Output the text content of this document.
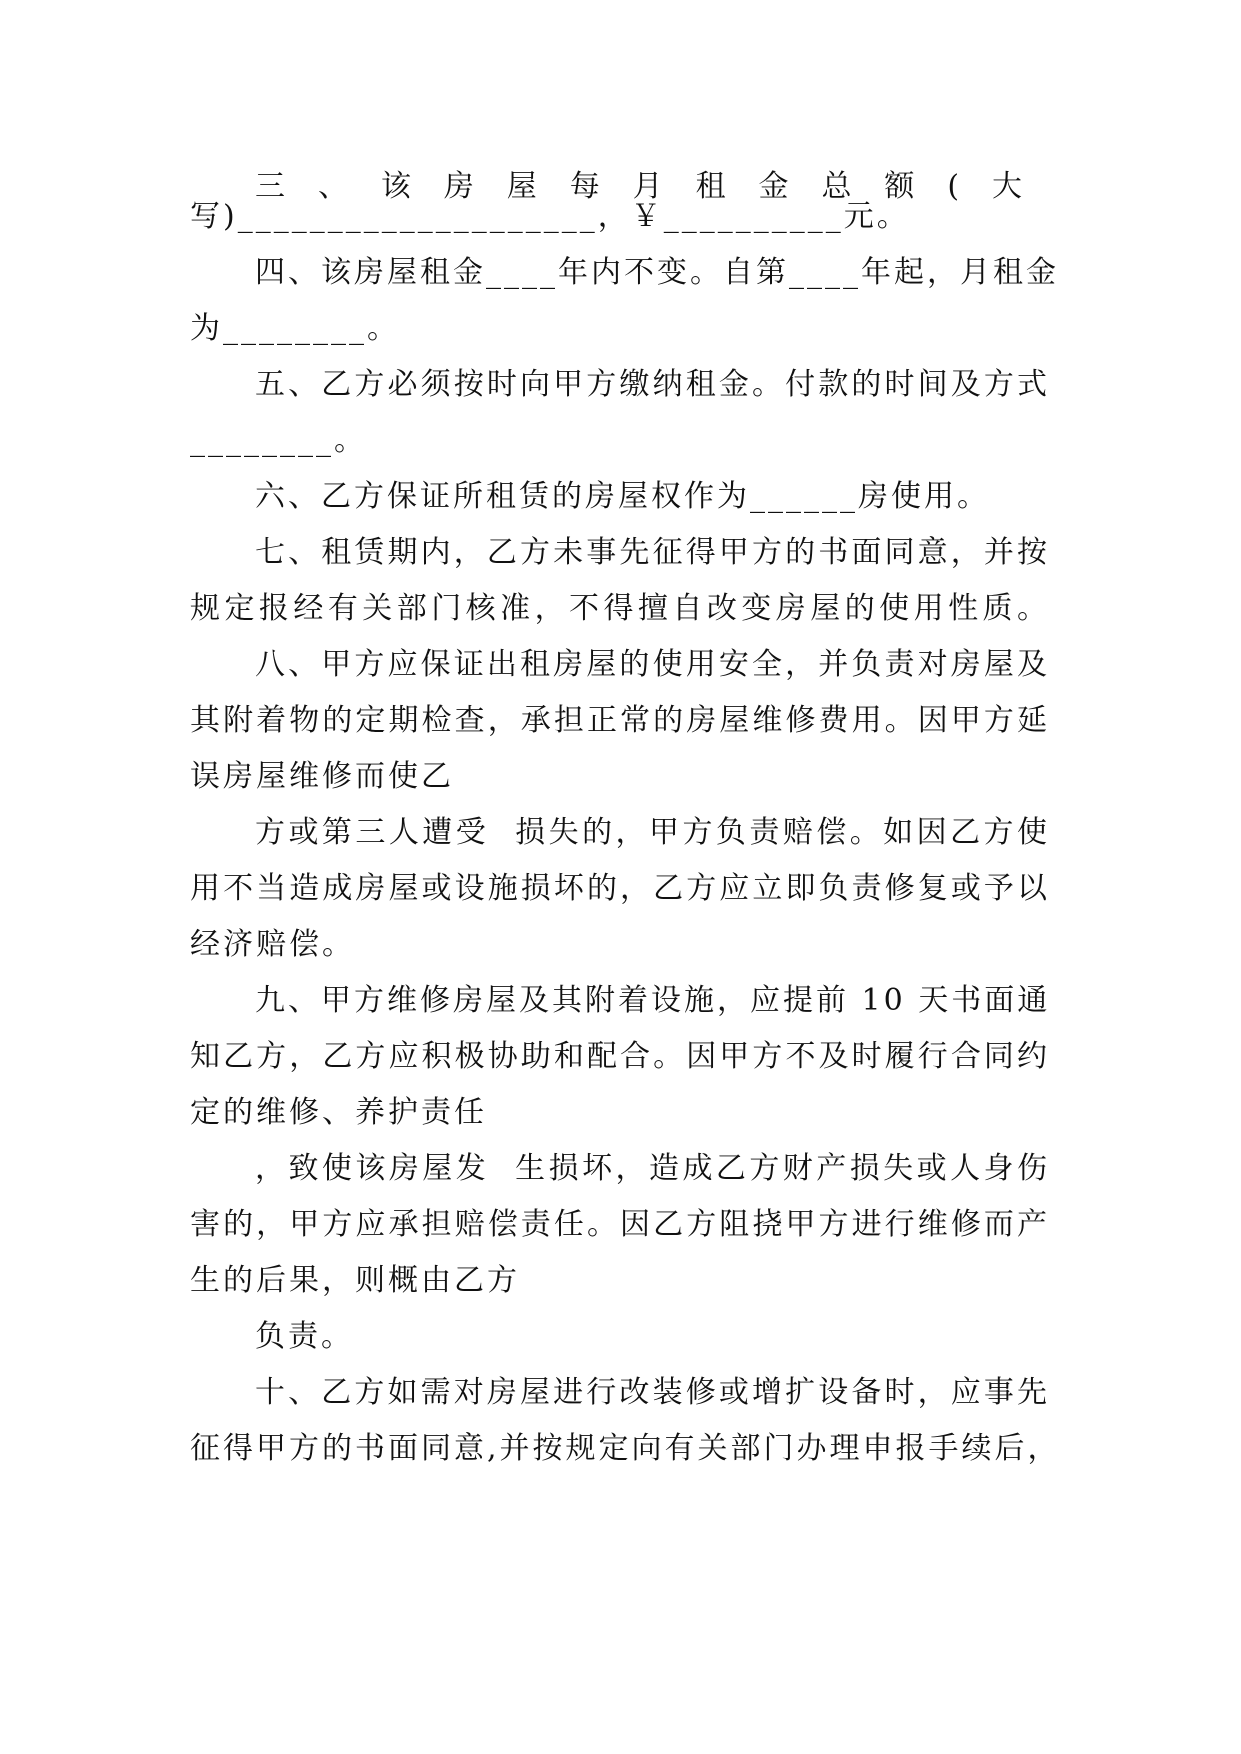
三、该房屋每月租金总额(大
写)____________________，￥__________元。
四、该房屋租金____年内不变。自第____年起，月租金
为________。
五、乙方必须按时向甲方缴纳租金。付款的时间及方式
________。
六、乙方保证所租赁的房屋权作为______房使用。
七、租赁期内，乙方未事先征得甲方的书面同意，并按
规定报经有关部门核准，不得擅自改变房屋的使用性质。
八、甲方应保证出租房屋的使用安全，并负责对房屋及
其附着物的定期检查，承担正常的房屋维修费用。因甲方延
误房屋维修而使乙
方或第三人遭受  损失的，甲方负责赔偿。如因乙方使
用不当造成房屋或设施损坏的，乙方应立即负责修复或予以
经济赔偿。
九、甲方维修房屋及其附着设施，应提前 10 天书面通
知乙方，乙方应积极协助和配合。因甲方不及时履行合同约
定的维修、养护责任
，致使该房屋发  生损坏，造成乙方财产损失或人身伤
害的，甲方应承担赔偿责任。因乙方阻挠甲方进行维修而产
生的后果，则概由乙方
负责。
十、乙方如需对房屋进行改装修或增扩设备时，应事先
征得甲方的书面同意,并按规定向有关部门办理申报手续后，
